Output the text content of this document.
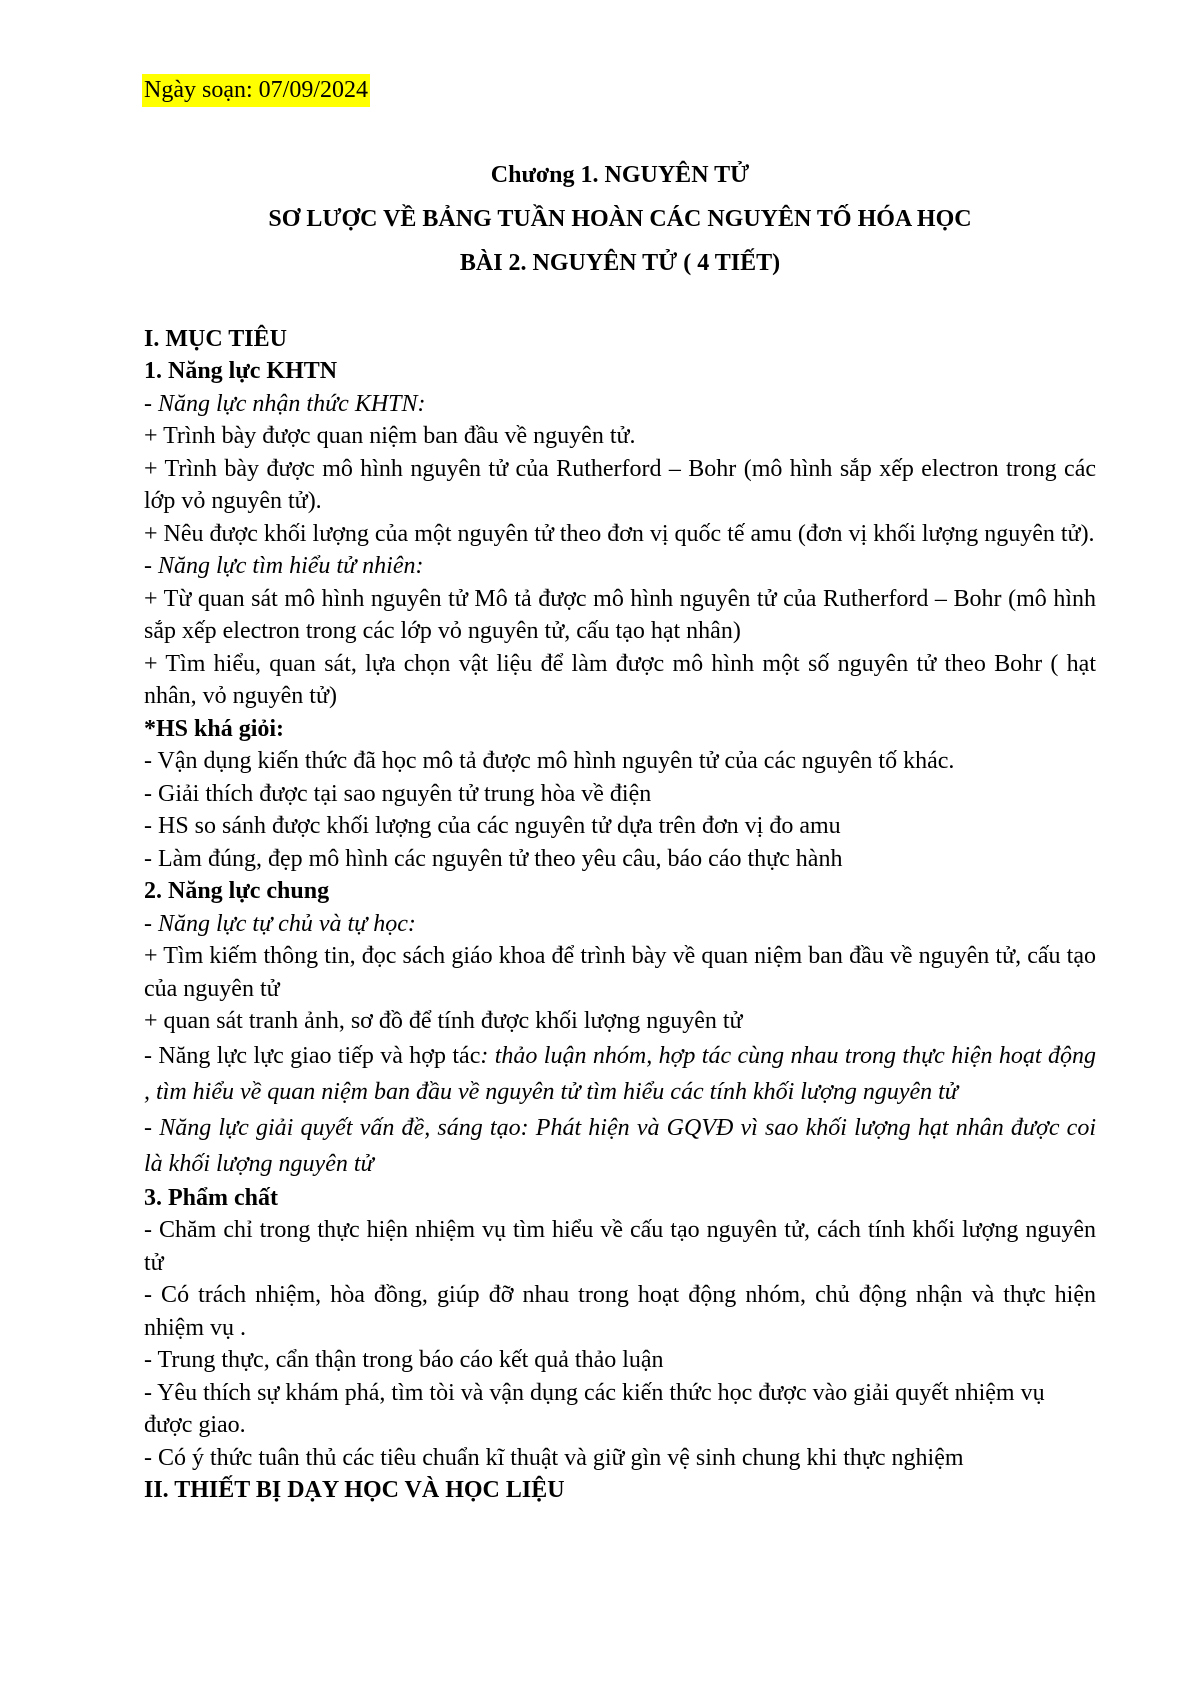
Ngày soạn: 07/09/2024
Chương 1. NGUYÊN TỬ
SƠ LƯỢC VỀ BẢNG TUẦN HOÀN CÁC NGUYÊN TỐ HÓA HỌC
BÀI 2. NGUYÊN TỬ ( 4 TIẾT)

I. MỤC TIÊU

1. Năng lực KHTN

- Năng lực nhận thức KHTN:

+ Trình bày được quan niệm ban đầu về nguyên tử.

+ Trình bày được mô hình nguyên tử của Rutherford – Bohr (mô hình sắp xếp electron trong các lớp vỏ nguyên tử).

+ Nêu được khối lượng của một nguyên tử theo đơn vị quốc tế amu (đơn vị khối lượng nguyên tử).

- Năng lực tìm hiểu tử nhiên:

+ Từ quan sát mô hình nguyên tử Mô tả được mô hình nguyên tử của Rutherford – Bohr (mô hình sắp xếp electron trong các lớp vỏ nguyên tử, cấu tạo hạt nhân)

+ Tìm hiểu, quan sát, lựa chọn vật liệu để làm được mô hình một số nguyên tử theo Bohr ( hạt nhân, vỏ nguyên tử)

*HS khá giỏi:

- Vận dụng kiến thức đã học mô tả được mô hình nguyên tử của các nguyên tố khác.

- Giải thích được tại sao nguyên tử trung hòa về điện

- HS so sánh được khối lượng của các nguyên tử dựa trên đơn vị đo amu

- Làm đúng, đẹp mô hình các nguyên tử theo yêu câu, báo cáo thực hành

2. Năng lực chung

- Năng lực tự chủ và tự học:

+ Tìm kiếm thông tin, đọc sách giáo khoa để trình bày về quan niệm ban đầu về nguyên tử, cấu tạo của nguyên tử

+ quan sát tranh ảnh, sơ đồ để tính được khối lượng nguyên tử

- Năng lực lực giao tiếp và hợp tác: thảo luận nhóm, hợp tác cùng nhau trong thực hiện hoạt động , tìm hiểu về quan niệm ban đầu về nguyên tử tìm hiểu các tính khối lượng nguyên tử

- Năng lực giải quyết vấn đề, sáng tạo: Phát hiện và GQVĐ vì sao khối lượng hạt nhân được coi là khối lượng nguyên tử

3. Phẩm chất

- Chăm chỉ trong thực hiện nhiệm vụ tìm hiểu về cấu tạo nguyên tử, cách tính khối lượng nguyên tử

- Có trách nhiệm, hòa đồng, giúp đỡ nhau trong hoạt động nhóm, chủ động nhận và thực hiện nhiệm vụ .

- Trung thực, cẩn thận trong báo cáo kết quả thảo luận

- Yêu thích sự khám phá, tìm tòi và vận dụng các kiến thức học được vào giải quyết nhiệm vụ được giao.

- Có ý thức tuân thủ các tiêu chuẩn kĩ thuật và giữ gìn vệ sinh chung khi thực nghiệm

II. THIẾT BỊ DẠY HỌC VÀ HỌC LIỆU
